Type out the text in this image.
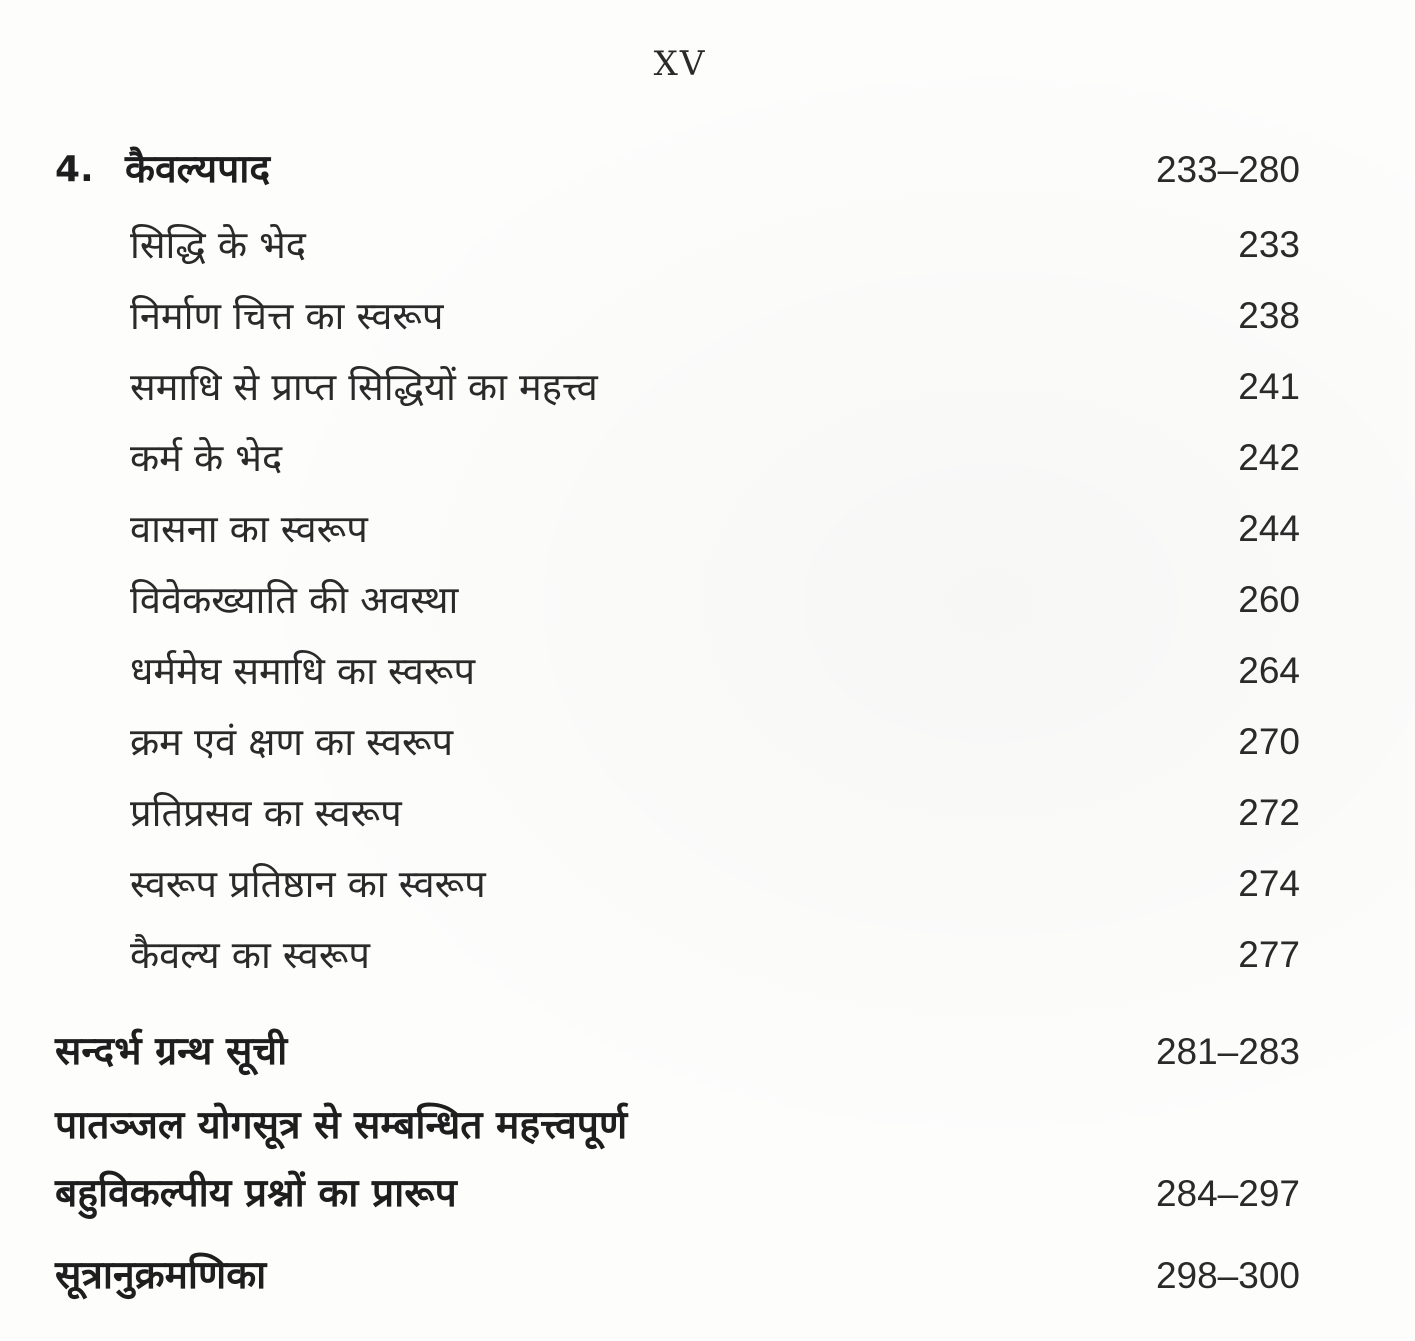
XV
4. कैवल्यपाद	233–280
सिद्धि के भेद	233
निर्माण चित्त का स्वरूप	238
समाधि से प्राप्त सिद्धियों का महत्त्व	241
कर्म के भेद	242
वासना का स्वरूप	244
विवेकख्याति की अवस्था	260
धर्ममेघ समाधि का स्वरूप	264
क्रम एवं क्षण का स्वरूप	270
प्रतिप्रसव का स्वरूप	272
स्वरूप प्रतिष्ठान का स्वरूप	274
कैवल्य का स्वरूप	277
सन्दर्भ ग्रन्थ सूची	281–283
पातञ्जल योगसूत्र से सम्बन्धित महत्त्वपूर्ण
बहुविकल्पीय प्रश्नों का प्रारूप	284–297
सूत्रानुक्रमणिका	298–300
